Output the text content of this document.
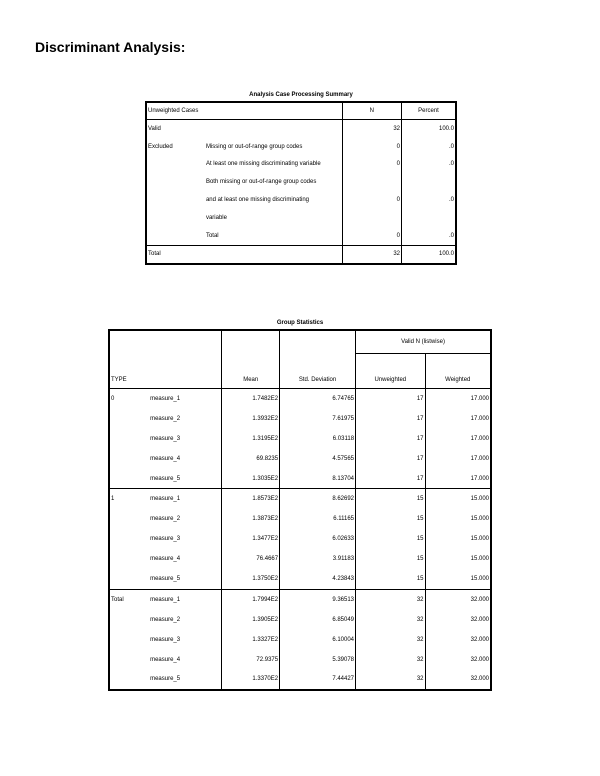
Discriminant Analysis:
Analysis Case Processing Summary
Unweighted Cases		N	Percent
Valid		32	100.0
Excluded	Missing or out-of-range group codes	0	.0
	At least one missing discriminating variable	0	.0

	Both missing or out-of-range group codes
and at least one missing discriminating
variable	0	.0
	Total	0	.0
Total		32	100.0
Group Statistics
				Valid N (listwise)	

TYPE		Mean	Std. Deviation	Unweighted	Weighted
0	measure_1	1.7482E2	6.74765	17	17.000
	measure_2	1.3932E2	7.61975	17	17.000
	measure_3	1.3195E2	6.03118	17	17.000
	measure_4	69.8235	4.57565	17	17.000
	measure_5	1.3035E2	8.13704	17	17.000
1	measure_1	1.8573E2	8.62692	15	15.000
	measure_2	1.3873E2	6.11165	15	15.000
	measure_3	1.3477E2	6.02633	15	15.000
	measure_4	76.4667	3.91183	15	15.000
	measure_5	1.3750E2	4.23843	15	15.000
Total	measure_1	1.7994E2	9.36513	32	32.000
	measure_2	1.3905E2	6.85049	32	32.000
	measure_3	1.3327E2	6.10004	32	32.000
	measure_4	72.9375	5.39078	32	32.000
	measure_5	1.3370E2	7.44427	32	32.000
